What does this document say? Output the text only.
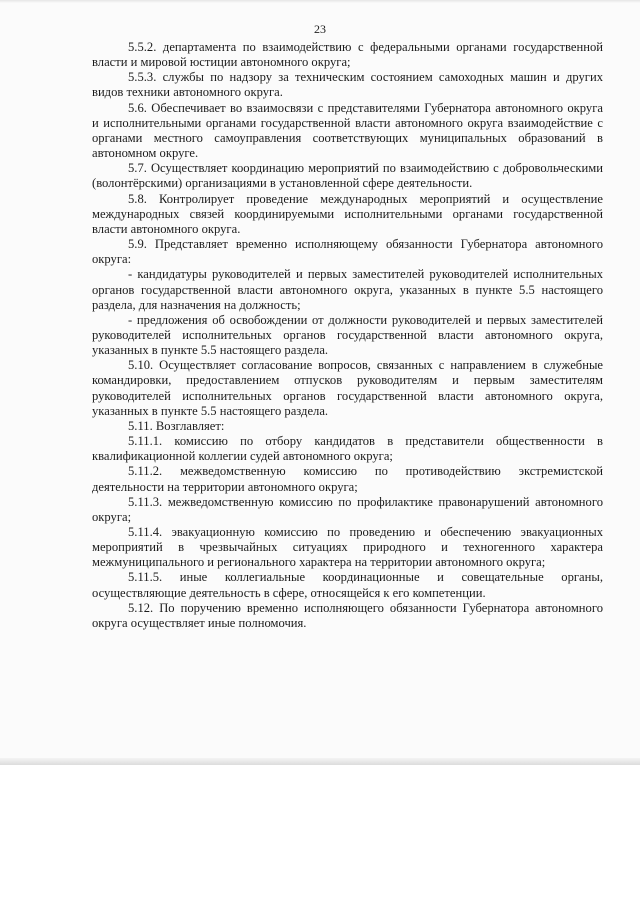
23

5.5.2. департамента по взаимодействию с федеральными органами государственной власти и мировой юстиции автономного округа;

5.5.3. службы по надзору за техническим состоянием самоходных машин и других видов техники автономного округа.

5.6. Обеспечивает во взаимосвязи с представителями Губернатора автономного округа и исполнительными органами государственной власти автономного округа взаимодействие с органами местного самоуправления соответствующих муниципальных образований в автономном округе.

5.7. Осуществляет координацию мероприятий по взаимодействию с добровольческими (волонтёрскими) организациями в установленной сфере деятельности.

5.8. Контролирует проведение международных мероприятий и осуществление международных связей координируемыми исполнительными органами государственной власти автономного округа.

5.9. Представляет временно исполняющему обязанности Губернатора автономного округа:

- кандидатуры руководителей и первых заместителей руководителей исполнительных органов государственной власти автономного округа, указанных в пункте 5.5 настоящего раздела, для назначения на должность;

- предложения об освобождении от должности руководителей и первых заместителей руководителей исполнительных органов государственной власти автономного округа, указанных в пункте 5.5 настоящего раздела.

5.10. Осуществляет согласование вопросов, связанных с направлением в служебные командировки, предоставлением отпусков руководителям и первым заместителям руководителей исполнительных органов государственной власти автономного округа, указанных в пункте 5.5 настоящего раздела.

5.11. Возглавляет:

5.11.1. комиссию по отбору кандидатов в представители общественности в квалификационной коллегии судей автономного округа;

5.11.2. межведомственную комиссию по противодействию экстремистской деятельности на территории автономного округа;

5.11.3. межведомственную комиссию по профилактике правонарушений автономного округа;

5.11.4. эвакуационную комиссию по проведению и обеспечению эвакуационных мероприятий в чрезвычайных ситуациях природного и техногенного характера межмуниципального и регионального характера на территории автономного округа;

5.11.5. иные коллегиальные координационные и совещательные органы, осуществляющие деятельность в сфере, относящейся к его компетенции.

5.12. По поручению временно исполняющего обязанности Губернатора автономного округа осуществляет иные полномочия.
